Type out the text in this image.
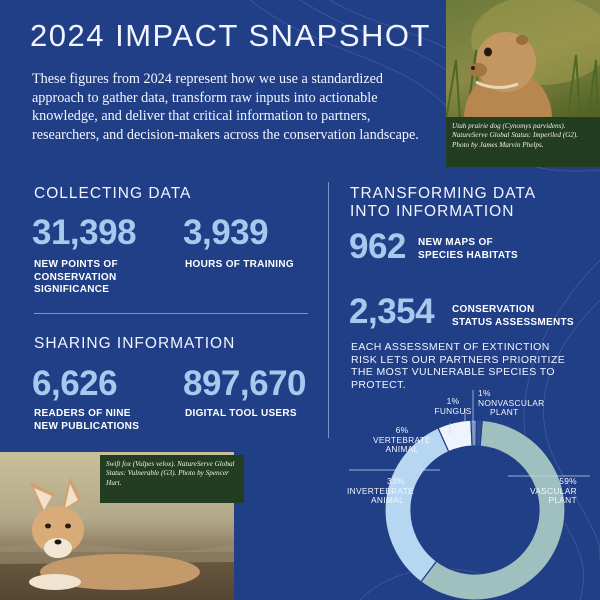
2024 IMPACT SNAPSHOT
These figures from 2024 represent how we use a standardized approach to gather data, transform raw inputs into actionable knowledge, and deliver that critical information to partners, researchers, and decision-makers across the conservation landscape.
Utah prairie dog (Cynomys parvidens). NatureServe Global Status: Imperiled (G2). Photo by James Marvin Phelps.
COLLECTING DATA
31,398
NEW POINTS OF CONSERVATION SIGNIFICANCE
3,939
HOURS OF TRAINING
SHARING INFORMATION
6,626
READERS OF NINE NEW PUBLICATIONS
897,670
DIGITAL TOOL USERS
TRANSFORMING DATA
INTO INFORMATION
962 NEW MAPS OF
SPECIES HABITATS
2,354 CONSERVATION
STATUS ASSESSMENTS
EACH ASSESSMENT OF EXTINCTION RISK LETS OUR PARTNERS PRIORITIZE THE MOST VULNERABLE SPECIES TO PROTECT.
59%
VASCULAR
PLANT
33%
INVERTEBRATE
ANIMAL
6%
VERTEBRATE
ANIMAL
1%
FUNGUS
1%
NONVASCULAR
PLANT
Swift fox (Vulpes velox). NatureServe Global Status: Vulnerable (G3). Photo by Spencer Hurt.
